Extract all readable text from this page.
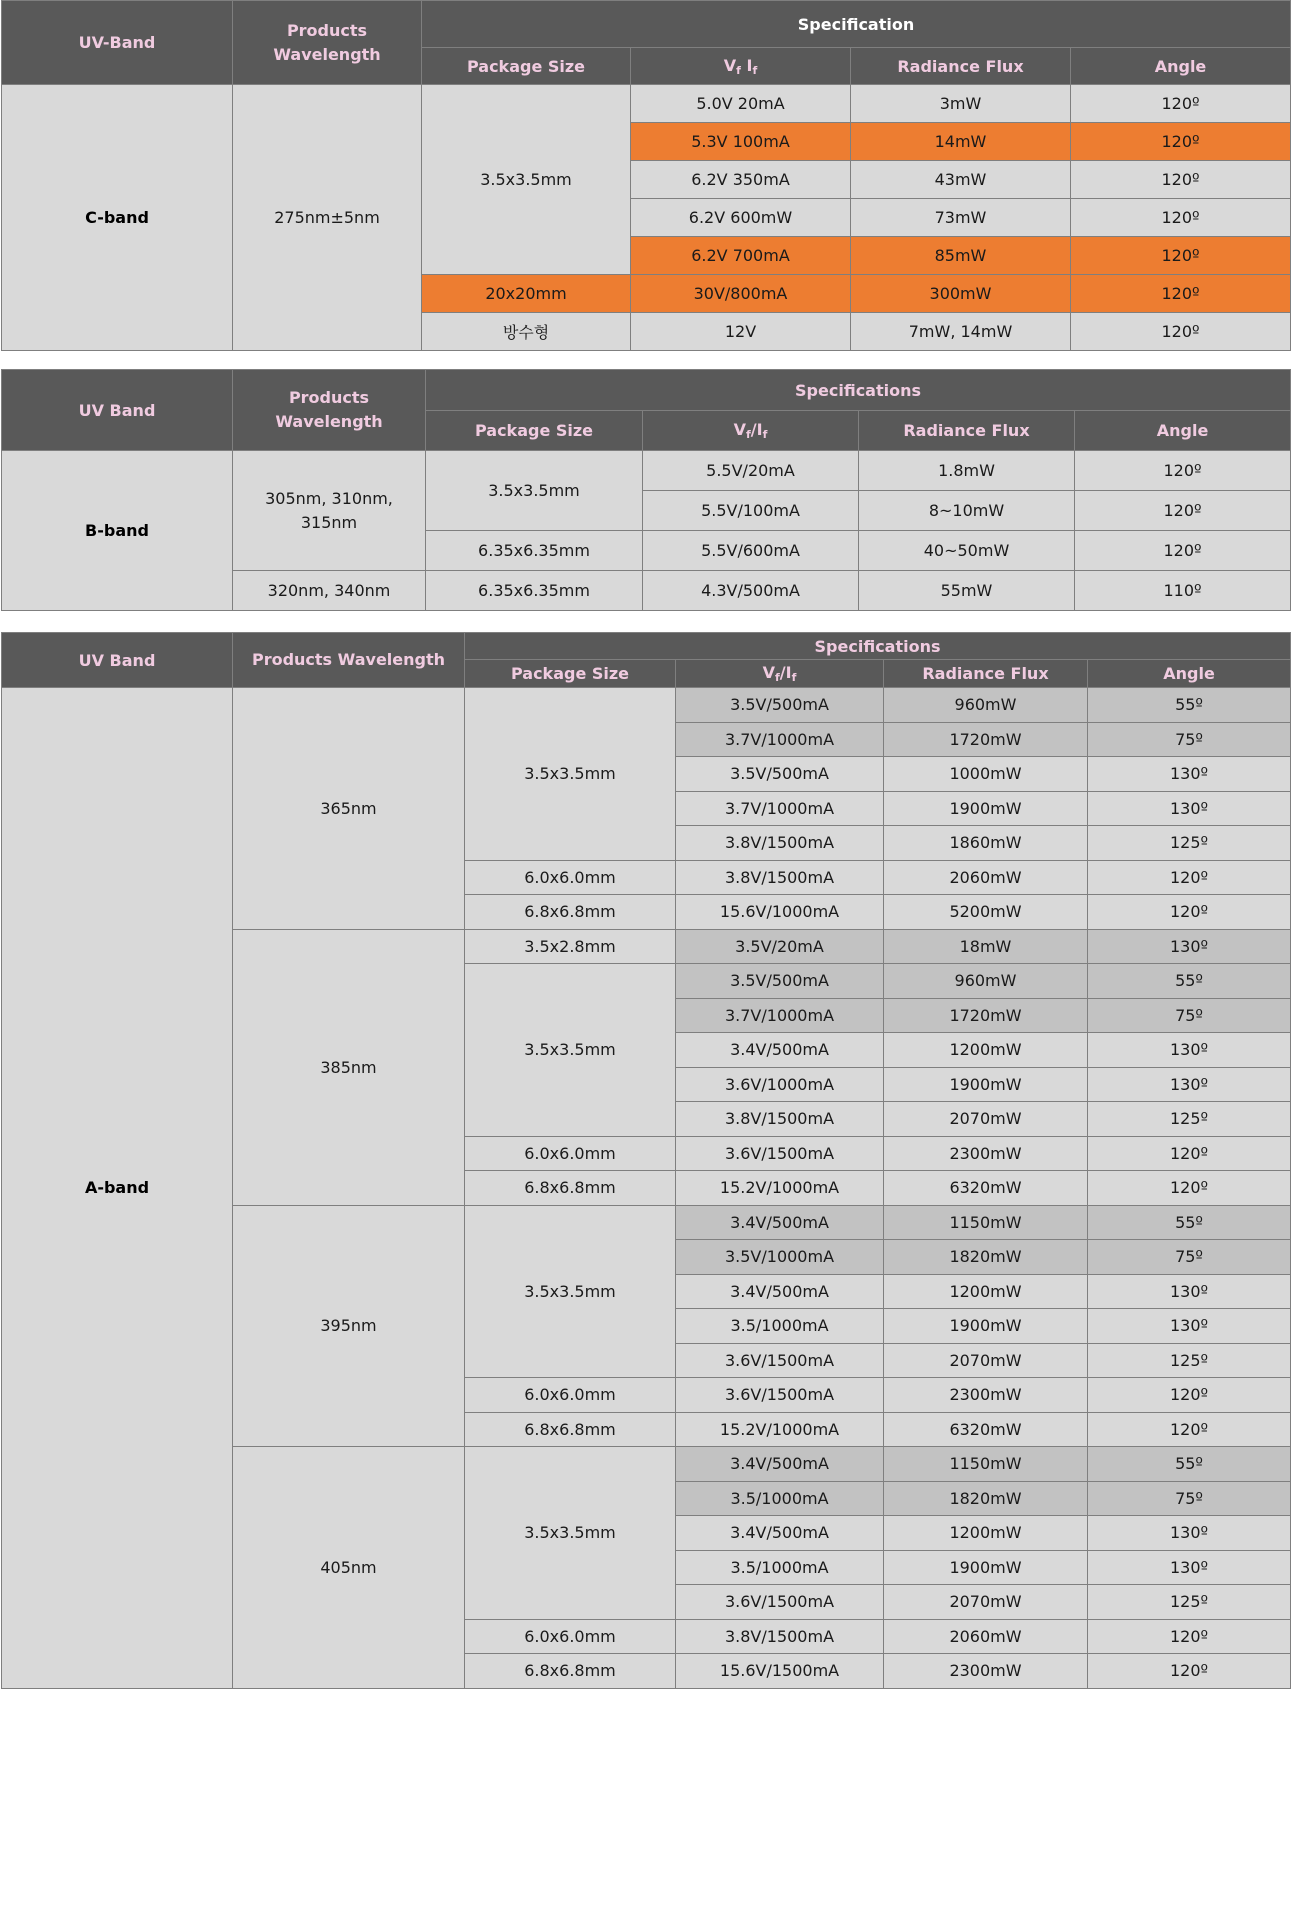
UV-Band	Products Wavelength	Specification			
		Package Size	$V_f$ $I_f$	Radiance Flux	Angle
C-band	275nm±5nm	3.5x3.5mm	5.0V 20mA	3mW	120º
			5.3V 100mA	14mW	120º
			6.2V 350mA	43mW	120º
			6.2V 600mW	73mW	120º
			6.2V 700mA	85mW	120º
		20x20mm	30V/800mA	300mW	120º
		방수형	12V	7mW, 14mW	120º
UV Band	Products Wavelength	Specifications			
		Package Size	$V_f/I_f$	Radiance Flux	Angle
B-band	305nm, 310nm, 315nm	3.5x3.5mm	5.5V/20mA	1.8mW	120º
			5.5V/100mA	8~10mW	120º
		6.35x6.35mm	5.5V/600mA	40~50mW	120º
	320nm, 340nm	6.35x6.35mm	4.3V/500mA	55mW	110º
UV Band	Products Wavelength	Specifications			
		Package Size	$V_f/I_f$	Radiance Flux	Angle
A-band	365nm	3.5x3.5mm	3.5V/500mA	960mW	55º
			3.7V/1000mA	1720mW	75º
			3.5V/500mA	1000mW	130º
			3.7V/1000mA	1900mW	130º
			3.8V/1500mA	1860mW	125º
		6.0x6.0mm	3.8V/1500mA	2060mW	120º
		6.8x6.8mm	15.6V/1000mA	5200mW	120º
	385nm	3.5x2.8mm	3.5V/20mA	18mW	130º
		3.5x3.5mm	3.5V/500mA	960mW	55º
			3.7V/1000mA	1720mW	75º
			3.4V/500mA	1200mW	130º
			3.6V/1000mA	1900mW	130º
			3.8V/1500mA	2070mW	125º
		6.0x6.0mm	3.6V/1500mA	2300mW	120º
		6.8x6.8mm	15.2V/1000mA	6320mW	120º
	395nm	3.5x3.5mm	3.4V/500mA	1150mW	55º
			3.5V/1000mA	1820mW	75º
			3.4V/500mA	1200mW	130º
			3.5/1000mA	1900mW	130º
			3.6V/1500mA	2070mW	125º
		6.0x6.0mm	3.6V/1500mA	2300mW	120º
		6.8x6.8mm	15.2V/1000mA	6320mW	120º
	405nm	3.5x3.5mm	3.4V/500mA	1150mW	55º
			3.5/1000mA	1820mW	75º
			3.4V/500mA	1200mW	130º
			3.5/1000mA	1900mW	130º
			3.6V/1500mA	2070mW	125º
		6.0x6.0mm	3.8V/1500mA	2060mW	120º
		6.8x6.8mm	15.6V/1500mA	2300mW	120º
